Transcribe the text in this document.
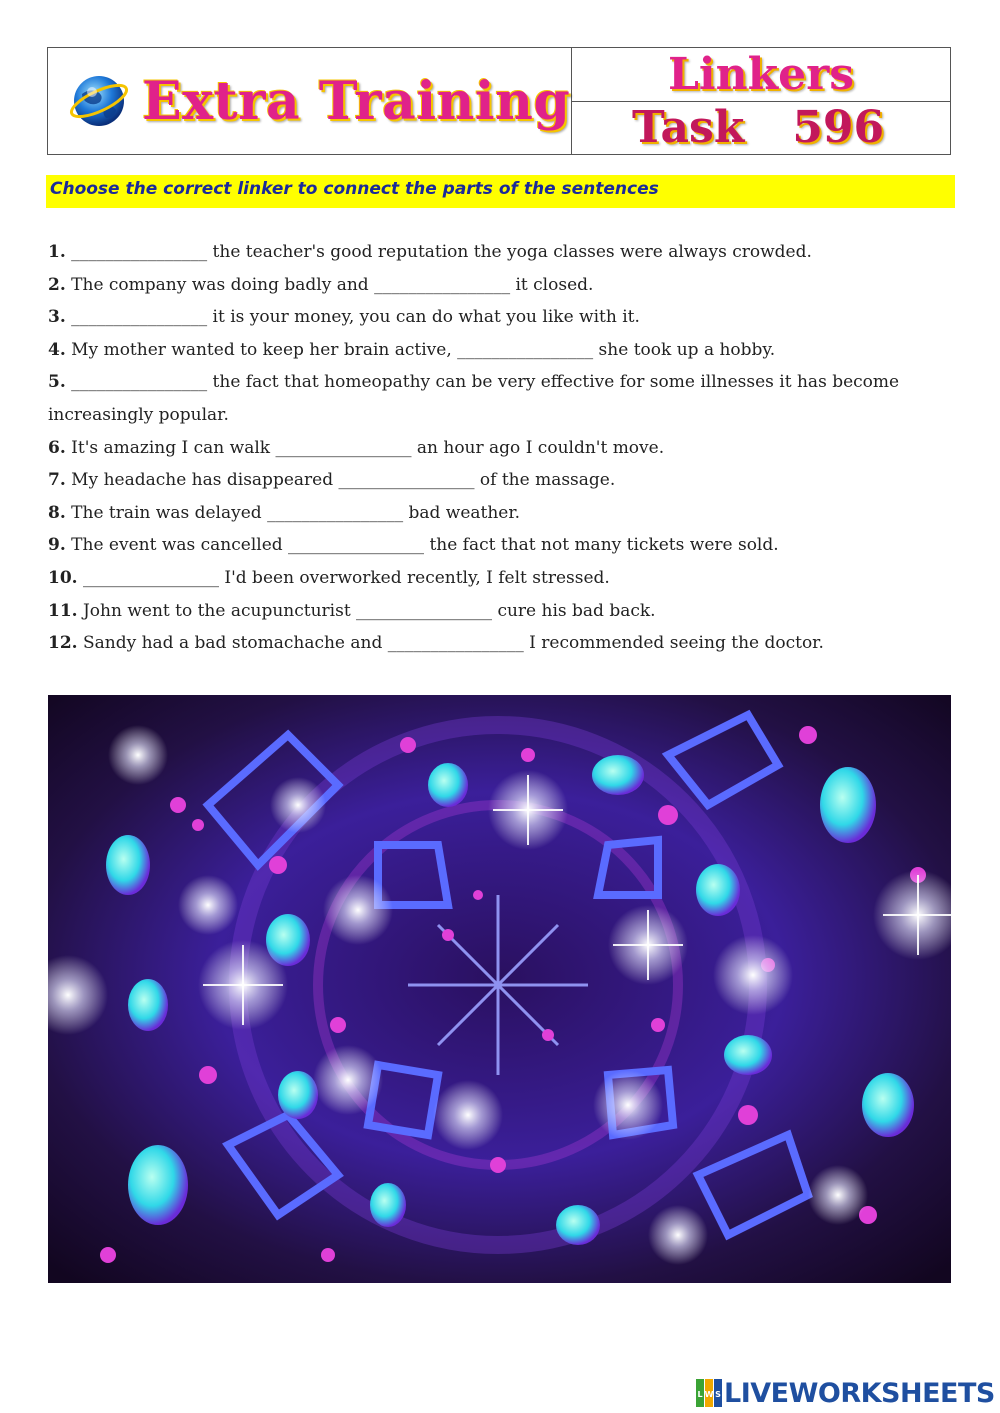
Extra Training	Linkers
Task 596
Choose the correct linker to connect the parts of the sentences
1. ________________ the teacher's good reputation the yoga classes were always crowded.
2. The company was doing badly and ________________ it closed.
3. ________________ it is your money, you can do what you like with it.
4. My mother wanted to keep her brain active, ________________ she took up a hobby.
5. ________________ the fact that homeopathy can be very effective for some illnesses it has become
increasingly popular.
6. It's amazing I can walk ________________ an hour ago I couldn't move.
7. My headache has disappeared ________________ of the massage.
8. The train was delayed ________________ bad weather.
9. The event was cancelled ________________ the fact that not many tickets were sold.
10. ________________ I'd been overworked recently, I felt stressed.
11. John went to the acupuncturist ________________ cure his bad back.
12. Sandy had a bad stomachache and ________________ I recommended seeing the doctor.
L W S LIVEWORKSHEETS
